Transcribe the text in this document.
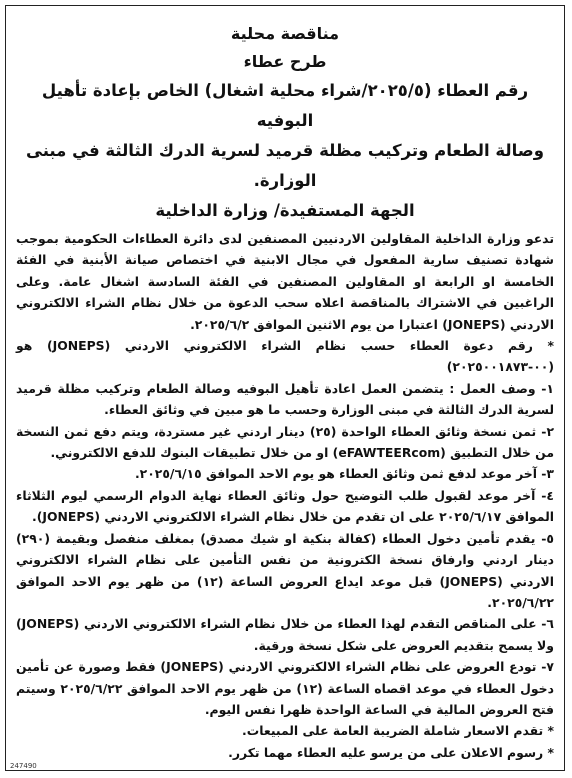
مناقصة محلية
طرح عطاء
رقم العطاء (٢٠٢٥/٥/شراء محلية اشغال) الخاص بإعادة تأهيل البوفيه
وصالة الطعام وتركيب مظلة قرميد لسرية الدرك الثالثة في مبنى الوزارة.
الجهة المستفيدة/ وزارة الداخلية

تدعو وزارة الداخلية المقاولين الاردنيين المصنفين لدى دائرة العطاءات الحكومية بموجب شهادة تصنيف سارية المفعول في مجال الابنية في اختصاص صيانة الأبنية في الفئة الخامسة او الرابعة او المقاولين المصنفين في الفئة السادسة اشغال عامة. وعلى الراغبين في الاشتراك بالمناقصة اعلاه سحب الدعوة من خلال نظام الشراء الالكتروني الاردني (JONEPS) اعتبارا من يوم الاثنين الموافق ٢٠٢٥/٦/٢.

* رقم دعوة العطاء حسب نظام الشراء الالكتروني الاردني (JONEPS) هو (٠٠-٢٠٢٥٠٠١٨٧٣)

١- وصف العمل : يتضمن العمل اعادة تأهيل البوفيه وصالة الطعام وتركيب مظلة قرميد لسرية الدرك الثالثة في مبنى الوزارة وحسب ما هو مبين في وثائق العطاء.

٢- ثمن نسخة وثائق العطاء الواحدة (٢٥) دينار اردني غير مستردة، ويتم دفع ثمن النسخة من خلال التطبيق (eFAWTEERcom) او من خلال تطبيقات البنوك للدفع الالكتروني.

٣- آخر موعد لدفع ثمن وثائق العطاء هو يوم الاحد الموافق ٢٠٢٥/٦/١٥.

٤- آخر موعد لقبول طلب التوضيح حول وثائق العطاء نهاية الدوام الرسمي ليوم الثلاثاء الموافق ٢٠٢٥/٦/١٧ على ان تقدم من خلال نظام الشراء الالكتروني الاردني (JONEPS).

٥- يقدم تأمين دخول العطاء (كفالة بنكية او شيك مصدق) بمغلف منفصل وبقيمة (٢٩٠) دينار اردني وارفاق نسخة الكترونية من نفس التأمين على نظام الشراء الالكتروني الاردني (JONEPS) قبل موعد ايداع العروض الساعة (١٢) من ظهر يوم الاحد الموافق ٢٠٢٥/٦/٢٢.

٦- على المناقص التقدم لهذا العطاء من خلال نظام الشراء الالكتروني الاردني (JONEPS) ولا يسمح بتقديم العروض على شكل نسخة ورقية.

٧- تودع العروض على نظام الشراء الالكتروني الاردني (JONEPS) فقط وصورة عن تأمين دخول العطاء في موعد اقصاه الساعة (١٢) من ظهر يوم الاحد الموافق ٢٠٢٥/٦/٢٢ وسيتم فتح العروض المالية في الساعة الواحدة ظهرا نفس اليوم.

* تقدم الاسعار شاملة الضريبة العامة على المبيعات.

* رسوم الاعلان على من يرسو عليه العطاء مهما تكرر.

247490
